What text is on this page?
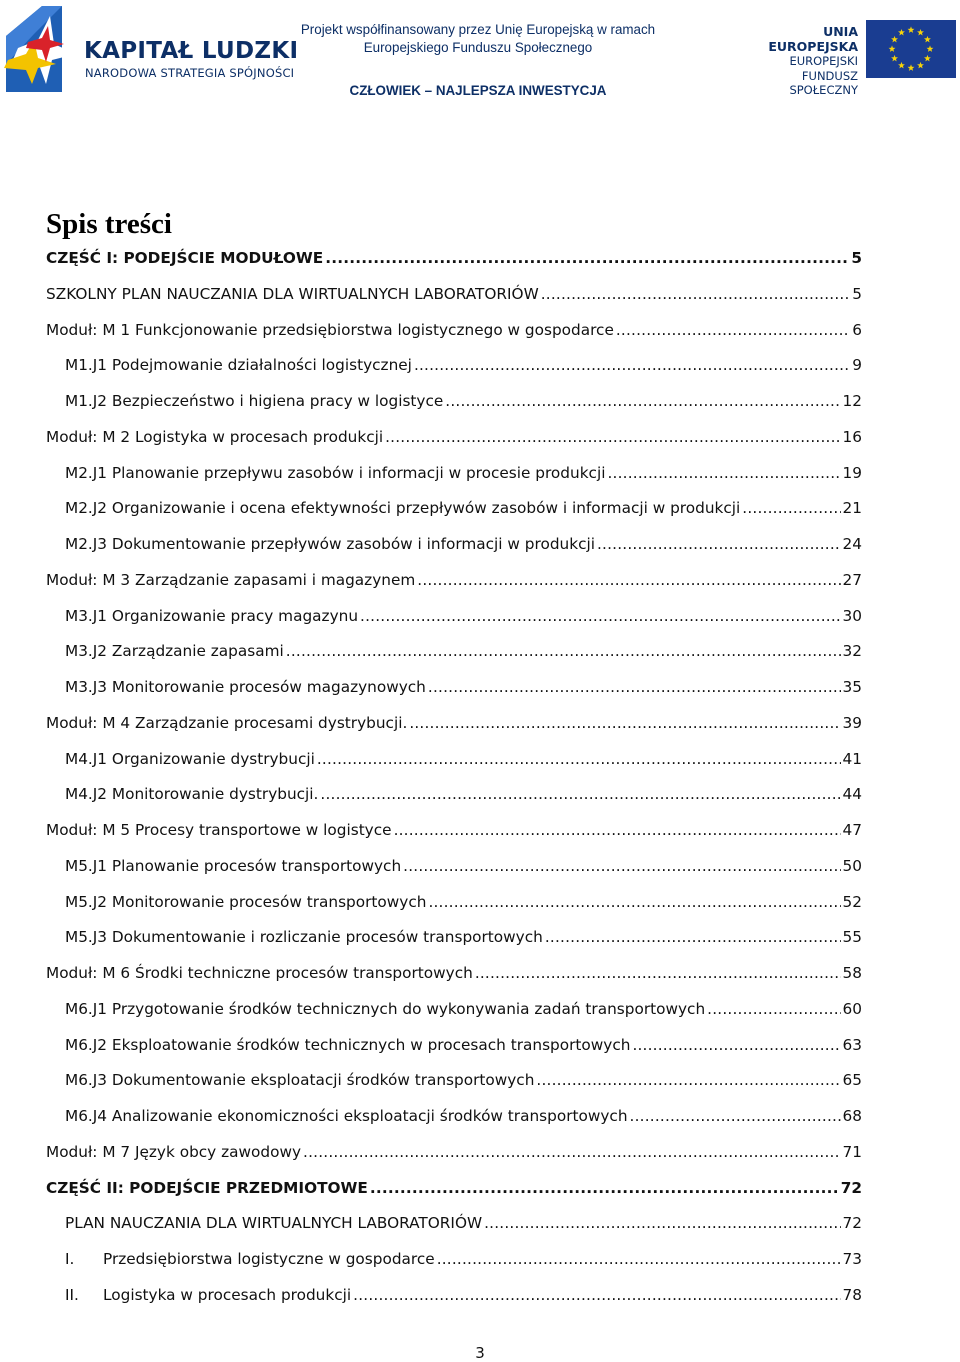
KAPITAŁ LUDZKI
NARODOWA STRATEGIA SPÓJNOŚCI
Projekt współfinansowany przez Unię Europejską w ramach
Europejskiego Funduszu Społecznego
CZŁOWIEK – NAJLEPSZA INWESTYCJA
UNIA EUROPEJSKA
EUROPEJSKI
FUNDUSZ SPOŁECZNY
Spis treści
CZĘŚĆ I: PODEJŚCIE MODUŁOWE .....	5
SZKOLNY PLAN NAUCZANIA DLA WIRTUALNYCH LABORATORIÓW .....	5
Moduł: M 1 Funkcjonowanie przedsiębiorstwa logistycznego w gospodarce .....	6
M1.J1 Podejmowanie działalności logistycznej .....	9
M1.J2 Bezpieczeństwo i higiena pracy w logistyce .....	12
Moduł: M 2 Logistyka w procesach produkcji .....	16
M2.J1 Planowanie przepływu zasobów i informacji w procesie produkcji .....	19
M2.J2 Organizowanie i ocena efektywności przepływów zasobów i informacji w produkcji .....	21
M2.J3 Dokumentowanie przepływów zasobów i informacji w produkcji .....	24
Moduł: M 3 Zarządzanie zapasami i magazynem .....	27
M3.J1 Organizowanie pracy magazynu .....	30
M3.J2 Zarządzanie zapasami .....	32
M3.J3 Monitorowanie procesów magazynowych .....	35
Moduł: M 4 Zarządzanie procesami dystrybucji. .....	39
M4.J1 Organizowanie dystrybucji .....	41
M4.J2 Monitorowanie dystrybucji. .....	44
Moduł: M 5 Procesy transportowe w logistyce .....	47
M5.J1 Planowanie procesów transportowych .....	50
M5.J2 Monitorowanie procesów transportowych .....	52
M5.J3 Dokumentowanie i rozliczanie procesów transportowych .....	55
Moduł: M 6 Środki techniczne procesów transportowych .....	58
M6.J1 Przygotowanie środków technicznych do wykonywania zadań transportowych .....	60
M6.J2 Eksploatowanie środków technicznych w procesach transportowych .....	63
M6.J3 Dokumentowanie eksploatacji środków transportowych .....	65
M6.J4 Analizowanie ekonomiczności eksploatacji środków transportowych .....	68
Moduł: M 7 Język obcy zawodowy .....	71
CZĘŚĆ II: PODEJŚCIE PRZEDMIOTOWE .....	72
PLAN NAUCZANIA DLA WIRTUALNYCH LABORATORIÓW .....	72
I.	Przedsiębiorstwa logistyczne w gospodarce .....	73
II.	Logistyka w procesach produkcji .....	78
3
